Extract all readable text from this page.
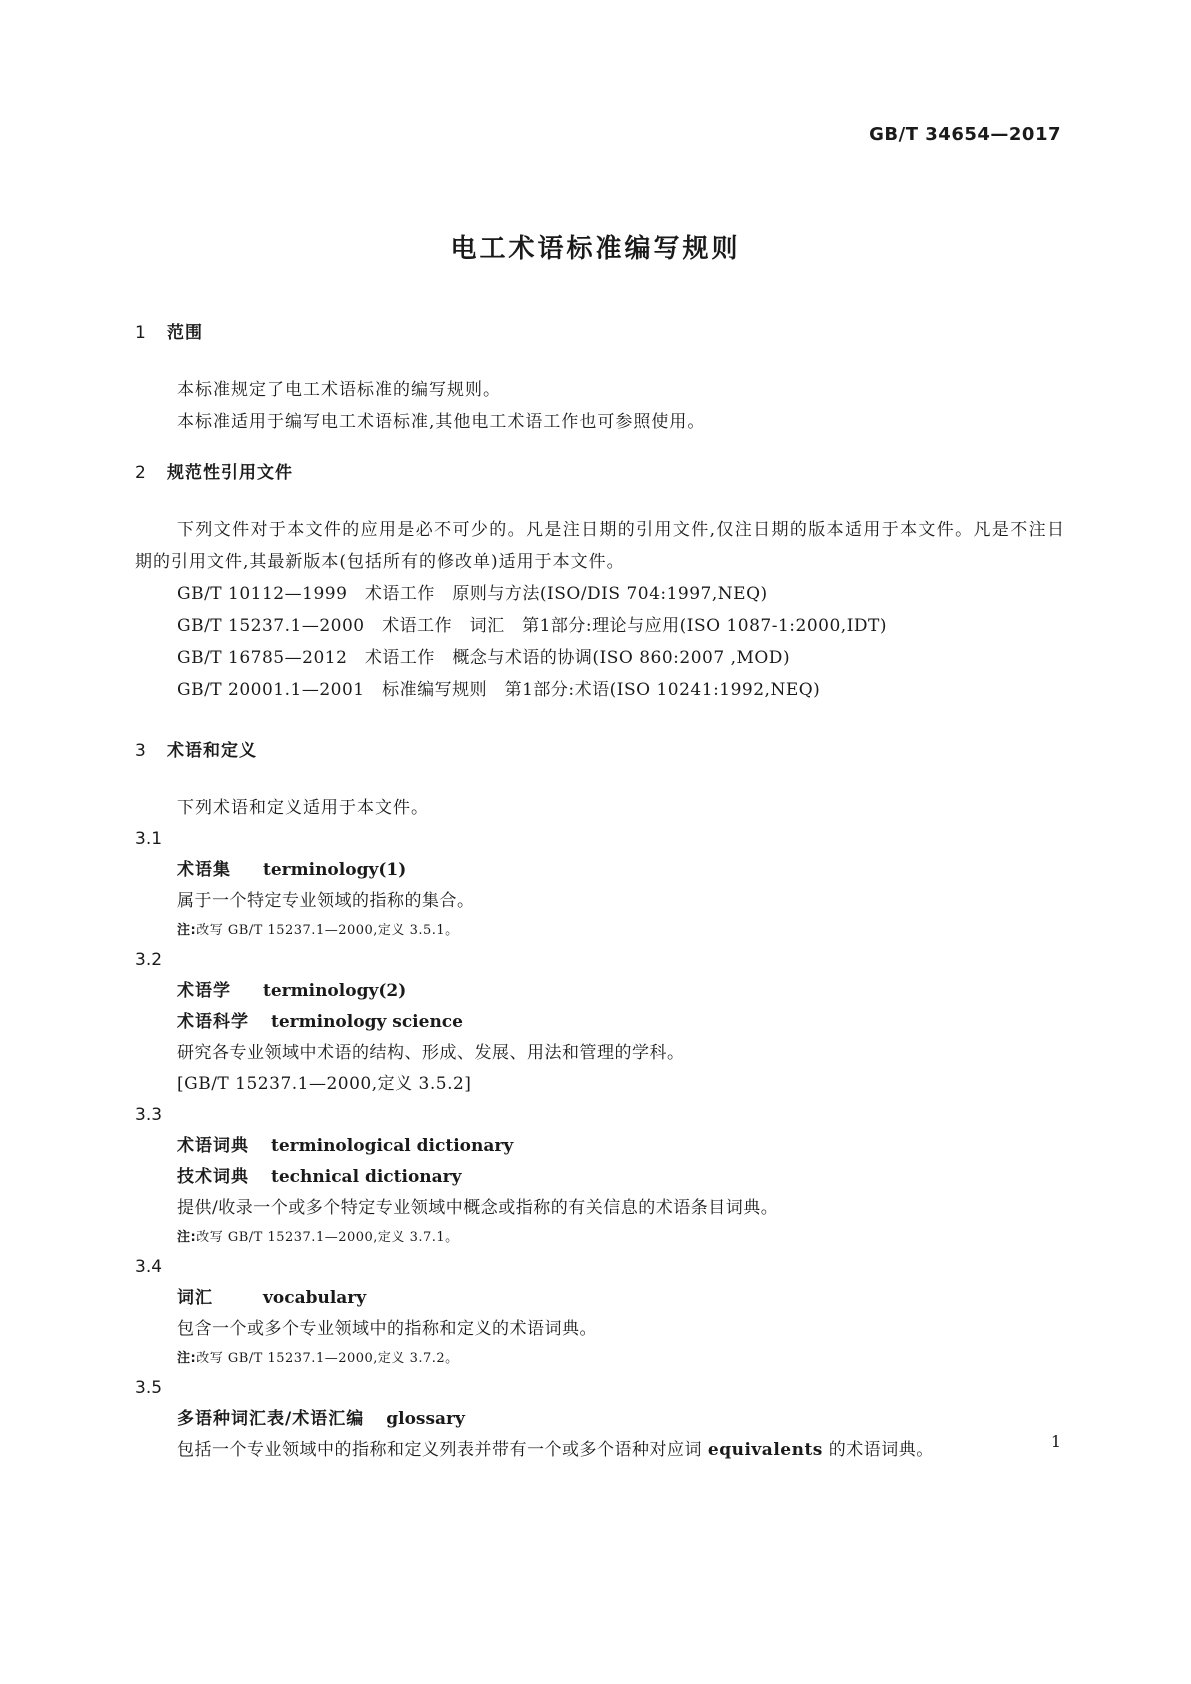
GB/T 34654—2017
电工术语标准编写规则
1 范围
本标准规定了电工术语标准的编写规则。
本标准适用于编写电工术语标准,其他电工术语工作也可参照使用。
2 规范性引用文件
下列文件对于本文件的应用是必不可少的。凡是注日期的引用文件,仅注日期的版本适用于本文件。凡是不注日期的引用文件,其最新版本(包括所有的修改单)适用于本文件。
GB/T 10112—1999　术语工作　原则与方法(ISO/DIS 704:1997,NEQ)
GB/T 15237.1—2000　术语工作　词汇　第1部分:理论与应用(ISO 1087-1:2000,IDT)
GB/T 16785—2012　术语工作　概念与术语的协调(ISO 860:2007 ,MOD)
GB/T 20001.1—2001　标准编写规则　第1部分:术语(ISO 10241:1992,NEQ)
3 术语和定义
下列术语和定义适用于本文件。
3.1
术语集 terminology(1)
属于一个特定专业领域的指称的集合。
注:改写 GB/T 15237.1—2000,定义 3.5.1。
3.2
术语学 terminology(2)
术语科学 terminology science
研究各专业领域中术语的结构、形成、发展、用法和管理的学科。
[GB/T 15237.1—2000,定义 3.5.2]
3.3
术语词典 terminological dictionary
技术词典 technical dictionary
提供/收录一个或多个特定专业领域中概念或指称的有关信息的术语条目词典。
注:改写 GB/T 15237.1—2000,定义 3.7.1。
3.4
词汇	vocabulary
包含一个或多个专业领域中的指称和定义的术语词典。
注:改写 GB/T 15237.1—2000,定义 3.7.2。
3.5
多语种词汇表/术语汇编 glossary
包括一个专业领域中的指称和定义列表并带有一个或多个语种对应词 equivalents 的术语词典。	1
